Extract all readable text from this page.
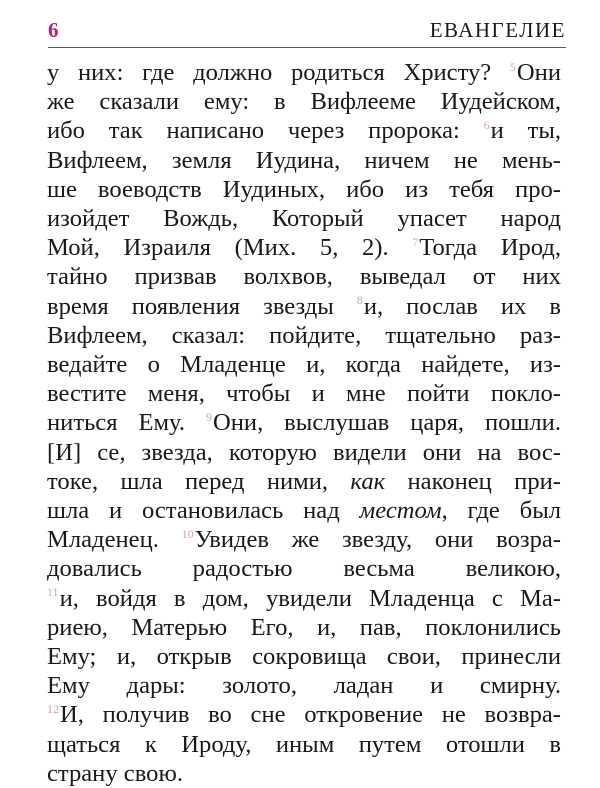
6	ЕВАНГЕЛИЕ
у них: где должно родиться Христу? $^5$Они
же сказали ему: в Вифлееме Иудейском,
ибо так написано через пророка: $^6$и ты,
Вифлеем, земля Иудина, ничем не мень-
ше воеводств Иудиных, ибо из тебя про-
изойдет Вождь, Который упасет народ
Мой, Израиля (Мих. 5, 2). $^7$Тогда Ирод,
тайно призвав волхвов, выведал от них
время появления звезды $^8$и, послав их в
Вифлеем, сказал: пойдите, тщательно раз-
ведайте о Младенце и, когда найдете, из-
вестите меня, чтобы и мне пойти покло-
ниться Ему. $^9$Они, выслушав царя, пошли.
[И] се, звезда, которую видели они на вос-
токе, шла перед ними, как наконец при-
шла и остановилась над местом, где был
Младенец. $^{10}$Увидев же звезду, они возра-
довались радостью весьма великою,
$^{11}$и, войдя в дом, увидели Младенца с Ма-
риею, Матерью Его, и, пав, поклонились
Ему; и, открыв сокровища свои, принесли
Ему дары: золото, ладан и смирну.
$^{12}$И, получив во сне откровение не возвра-
щаться к Ироду, иным путем отошли в
страну свою.
